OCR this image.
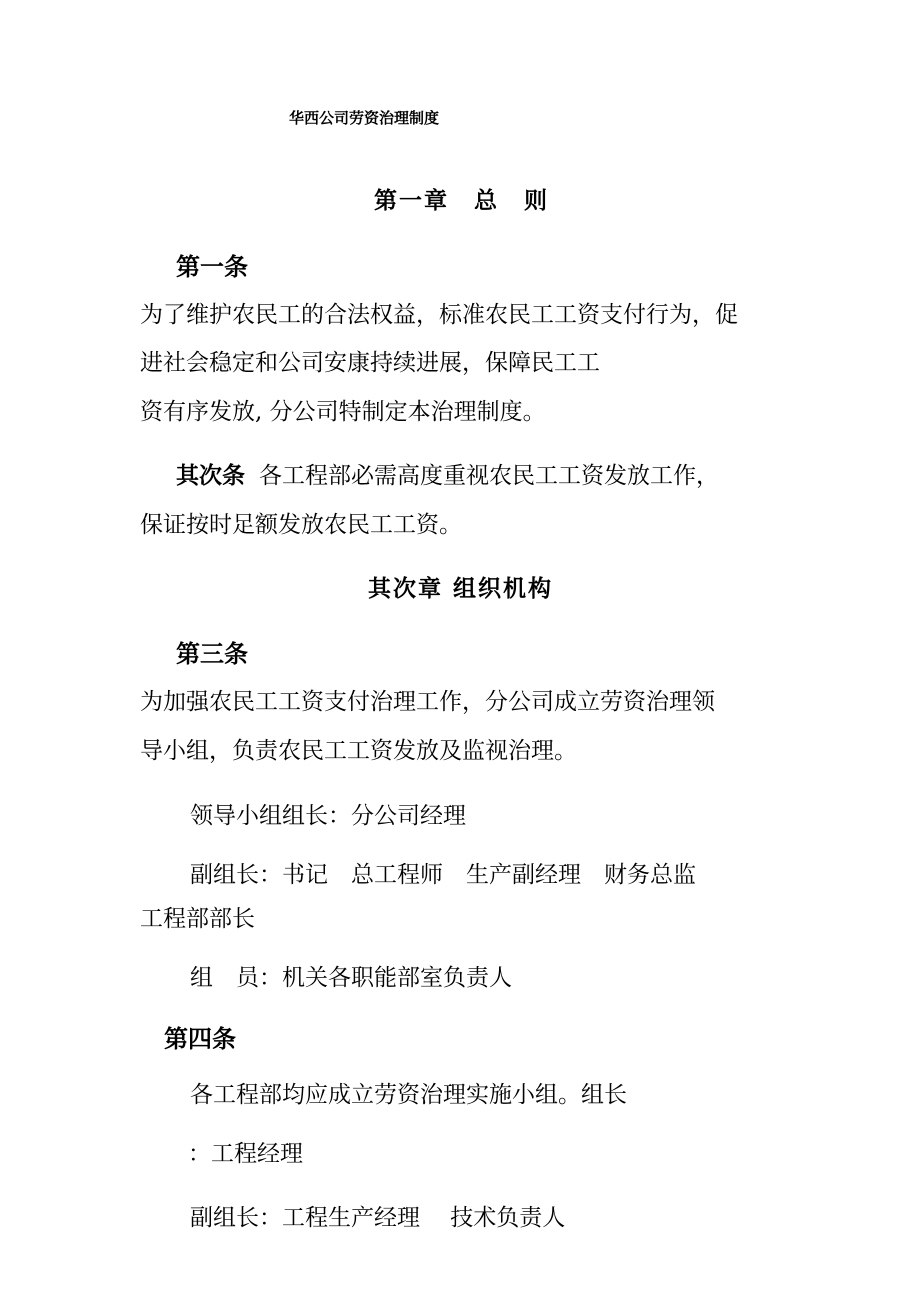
华西公司劳资治理制度
第一章　总　则
第一条
为了维护农民工的合法权益，标准农民工工资支付行为，促
进社会稳定和公司安康持续进展，保障民工工
资有序发放, 分公司特制定本治理制度。
其次条 各工程部必需高度重视农民工工资发放工作，
保证按时足额发放农民工工资。
其次章 组织机构
第三条
为加强农民工工资支付治理工作，分公司成立劳资治理领
导小组，负责农民工工资发放及监视治理。
领导小组组长：分公司经理
副组长：书记　总工程师　生产副经理　财务总监
工程部部长
组　员：机关各职能部室负责人
第四条
各工程部均应成立劳资治理实施小组。组长
：工程经理
副组长：工程生产经理　 技术负责人
